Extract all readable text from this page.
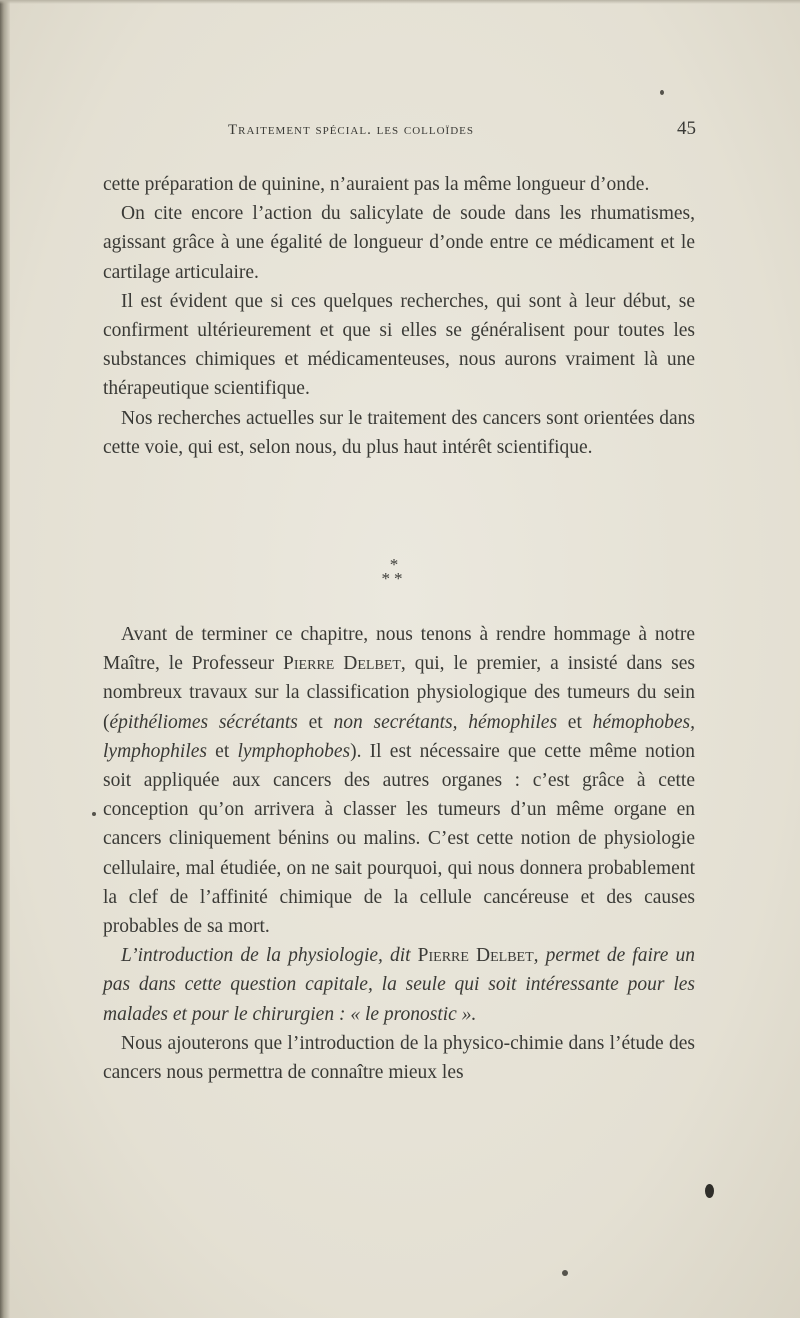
Traitement spécial. les colloïdes	45

cette préparation de quinine, n’auraient pas la même longueur d’onde.

On cite encore l’action du salicylate de soude dans les rhumatismes, agissant grâce à une égalité de longueur d’onde entre ce médicament et le cartilage articulaire.

Il est évident que si ces quelques recherches, qui sont à leur début, se confirment ultérieurement et que si elles se généralisent pour toutes les substances chimiques et médicamenteuses, nous aurons vraiment là une thérapeutique scientifique.

Nos recherches actuelles sur le traitement des cancers sont orientées dans cette voie, qui est, selon nous, du plus haut intérêt scientifique.

*
**

Avant de terminer ce chapitre, nous tenons à rendre hommage à notre Maître, le Professeur Pierre Delbet, qui, le premier, a insisté dans ses nombreux travaux sur la classification physiologique des tumeurs du sein (épithéliomes sécrétants et non secrétants, hémophiles et hémophobes, lymphophiles et lymphophobes). Il est nécessaire que cette même notion soit appliquée aux cancers des autres organes : c’est grâce à cette conception qu’on arrivera à classer les tumeurs d’un même organe en cancers cliniquement bénins ou malins. C’est cette notion de physiologie cellulaire, mal étudiée, on ne sait pourquoi, qui nous donnera probablement la clef de l’affinité chimique de la cellule cancéreuse et des causes probables de sa mort.

L’introduction de la physiologie, dit Pierre Delbet, permet de faire un pas dans cette question capitale, la seule qui soit intéressante pour les malades et pour le chirurgien : « le pronostic ».

Nous ajouterons que l’introduction de la physico-chimie dans l’étude des cancers nous permettra de connaître mieux les
